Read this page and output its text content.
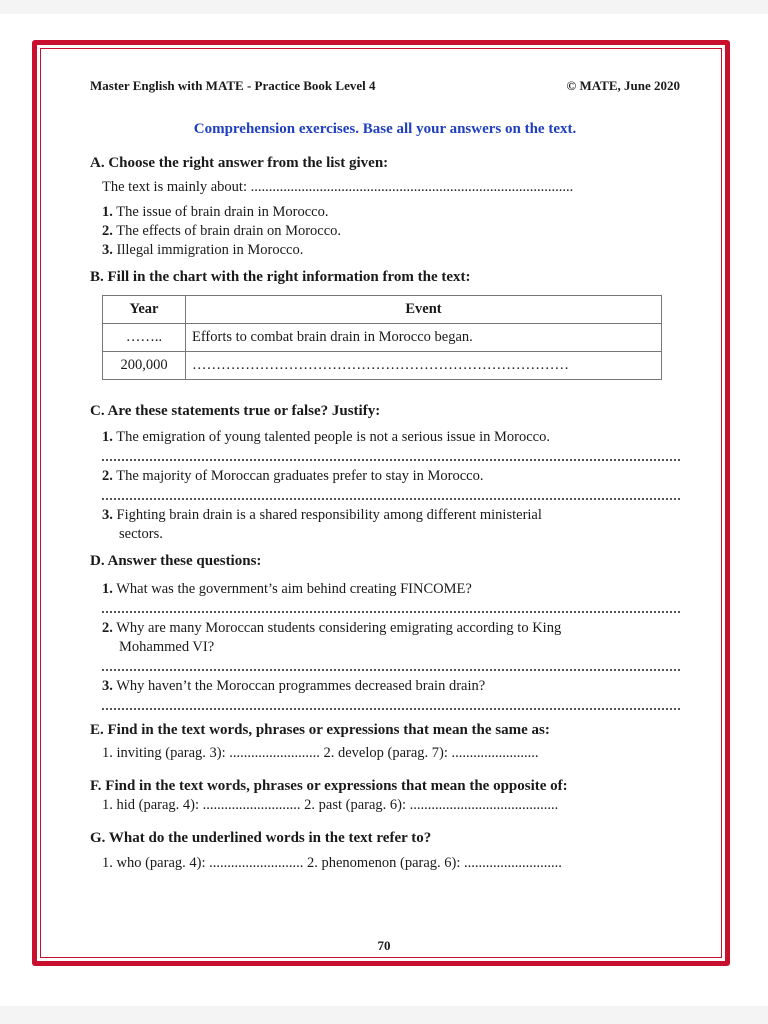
Master English with MATE - Practice Book Level 4	© MATE, June 2020
Comprehension exercises. Base all your answers on the text.
A. Choose the right answer from the list given:
The text is mainly about: .........................................................................................
1. The issue of brain drain in Morocco.
2. The effects of brain drain on Morocco.
3. Illegal immigration in Morocco.
B. Fill in the chart with the right information from the text:
Year	Event
……..	Efforts to combat brain drain in Morocco began.
200,000	……………………………………………………………………
C. Are these statements true or false? Justify:
1. The emigration of young talented people is not a serious issue in Morocco.
2. The majority of Moroccan graduates prefer to stay in Morocco.
3. Fighting brain drain is a shared responsibility among different ministerial
sectors.
D. Answer these questions:
1. What was the government’s aim behind creating FINCOME?
2. Why are many Moroccan students considering emigrating according to King
Mohammed VI?
3. Why haven’t the Moroccan programmes decreased brain drain?
E. Find in the text words, phrases or expressions that mean the same as:
1. inviting (parag. 3): ......................... 2. develop (parag. 7): ........................
F. Find in the text words, phrases or expressions that mean the opposite of:
1. hid (parag. 4): ........................... 2. past (parag. 6): .........................................
G. What do the underlined words in the text refer to?
1. who (parag. 4): .......................... 2. phenomenon (parag. 6): ...........................
70
